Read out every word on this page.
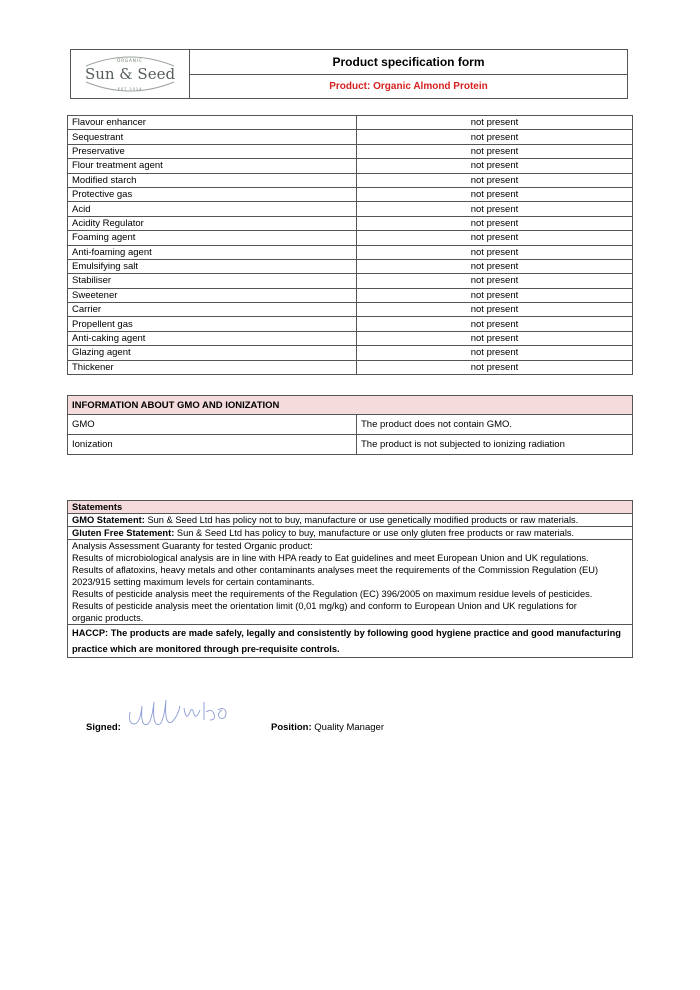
ORGANIC
Sun & Seed
EST 2014
Product specification form
Product: Organic Almond Protein
Flavour enhancer	not present
Sequestrant	not present
Preservative	not present
Flour treatment agent	not present
Modified starch	not present
Protective gas	not present
Acid	not present
Acidity Regulator	not present
Foaming agent	not present
Anti-foaming agent	not present
Emulsifying salt	not present
Stabiliser	not present
Sweetener	not present
Carrier	not present
Propellent gas	not present
Anti-caking agent	not present
Glazing agent	not present
Thickener	not present
INFORMATION ABOUT GMO AND IONIZATION	
GMO	The product does not contain GMO.
Ionization	The product is not subjected to ionizing radiation
Statements
GMO Statement: Sun & Seed Ltd has policy not to buy, manufacture or use genetically modified products or raw materials.
Gluten Free Statement: Sun & Seed Ltd has policy to buy, manufacture or use only gluten free products or raw materials.

Analysis Assessment Guaranty for tested Organic product:
Results of microbiological analysis are in line with HPA ready to Eat guidelines and meet European Union and UK regulations.
Results of aflatoxins, heavy metals and other contaminants analyses meet the requirements of the Commission Regulation (EU)
2023/915 setting maximum levels for certain contaminants.
Results of pesticide analysis meet the requirements of the Regulation (EC) 396/2005 on maximum residue levels of pesticides.
Results of pesticide analysis meet the orientation limit (0,01 mg/kg) and conform to European Union and UK regulations for
organic products.

HACCP: The products are made safely, legally and consistently by following good hygiene practice and good manufacturing
practice which are monitored through pre-requisite controls.
Signed:	Position: Quality Manager
